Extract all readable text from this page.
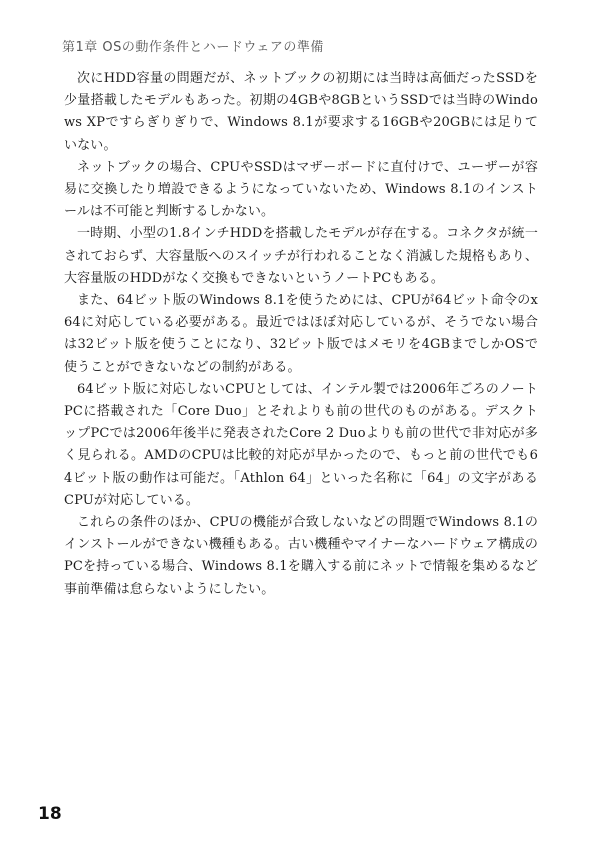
第1章 OSの動作条件とハードウェアの準備

次にHDD容量の問題だが、ネットブックの初期には当時は高価だったSSDを少量搭載したモデルもあった。初期の4GBや8GBというSSDでは当時のWindows XPですらぎりぎりで、Windows 8.1が要求する16GBや20GBには足りていない。

ネットブックの場合、CPUやSSDはマザーボードに直付けで、ユーザーが容易に交換したり増設できるようになっていないため、Windows 8.1のインストールは不可能と判断するしかない。

一時期、小型の1.8インチHDDを搭載したモデルが存在する。コネクタが統一されておらず、大容量版へのスイッチが行われることなく消滅した規格もあり、大容量版のHDDがなく交換もできないというノートPCもある。

また、64ビット版のWindows 8.1を使うためには、CPUが64ビット命令のx64に対応している必要がある。最近ではほぼ対応しているが、そうでない場合は32ビット版を使うことになり、32ビット版ではメモリを4GBまでしかOSで使うことができないなどの制約がある。

64ビット版に対応しないCPUとしては、インテル製では2006年ごろのノートPCに搭載された「Core Duo」とそれよりも前の世代のものがある。デスクトップPCでは2006年後半に発表されたCore 2 Duoよりも前の世代で非対応が多く見られる。AMDのCPUは比較的対応が早かったので、もっと前の世代でも64ビット版の動作は可能だ。「Athlon 64」といった名称に「64」の文字があるCPUが対応している。

これらの条件のほか、CPUの機能が合致しないなどの問題でWindows 8.1のインストールができない機種もある。古い機種やマイナーなハードウェア構成のPCを持っている場合、Windows 8.1を購入する前にネットで情報を集めるなど事前準備は怠らないようにしたい。

18
